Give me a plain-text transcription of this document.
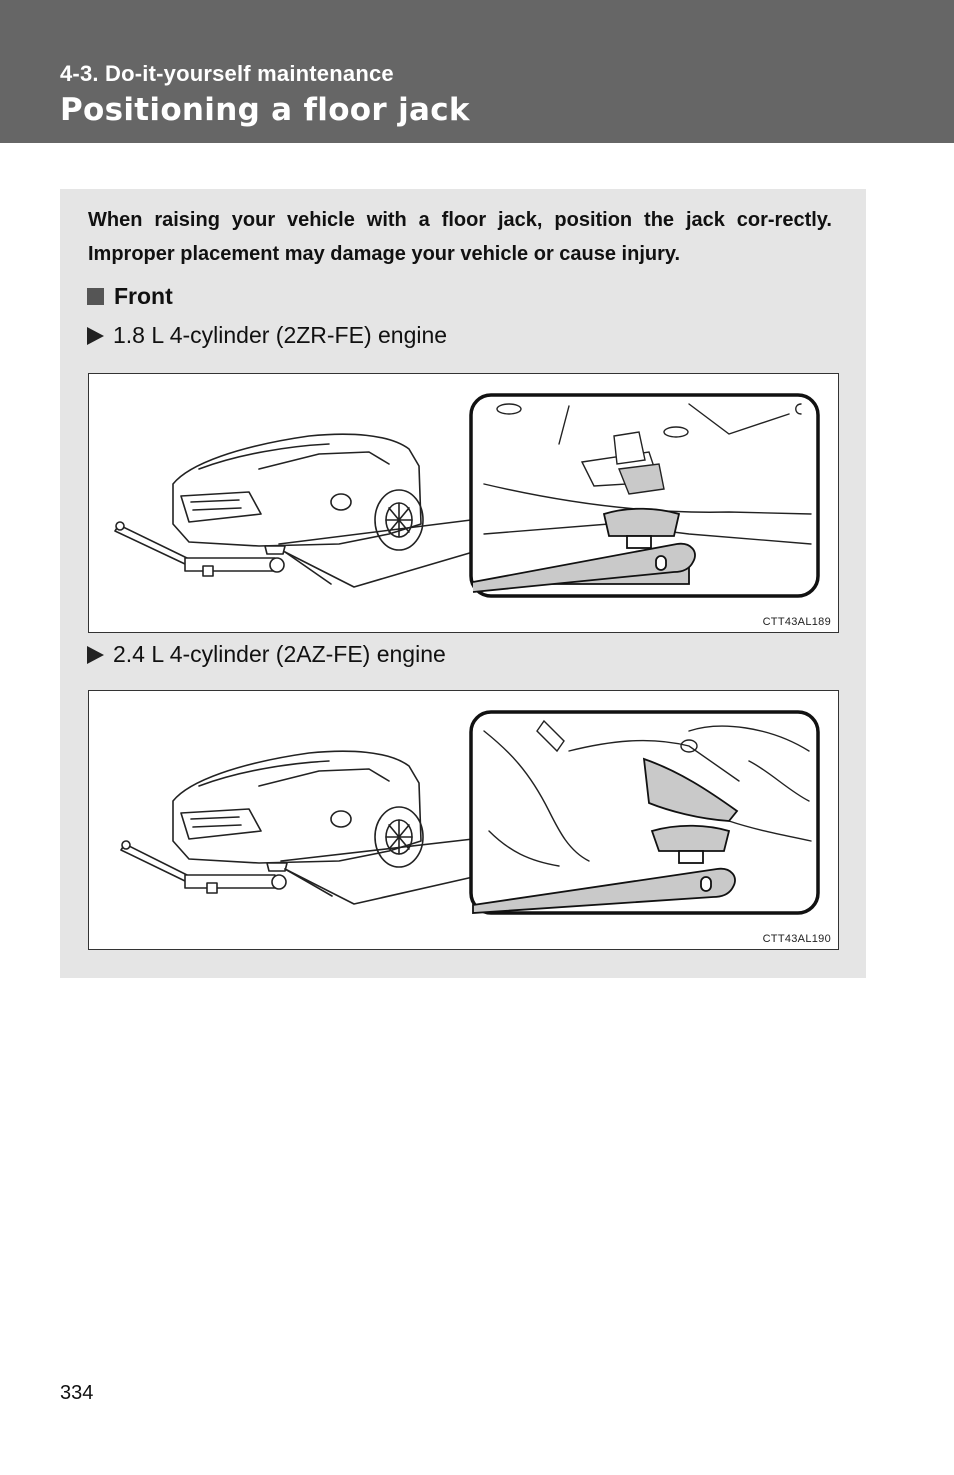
4-3. Do-it-yourself maintenance
Positioning a floor jack

When raising your vehicle with a floor jack, position the jack cor-rectly. Improper placement may damage your vehicle or cause injury.

Front
1.8 L 4-cylinder (2ZR-FE) engine
CTT43AL189
2.4 L 4-cylinder (2AZ-FE) engine
CTT43AL190
334
